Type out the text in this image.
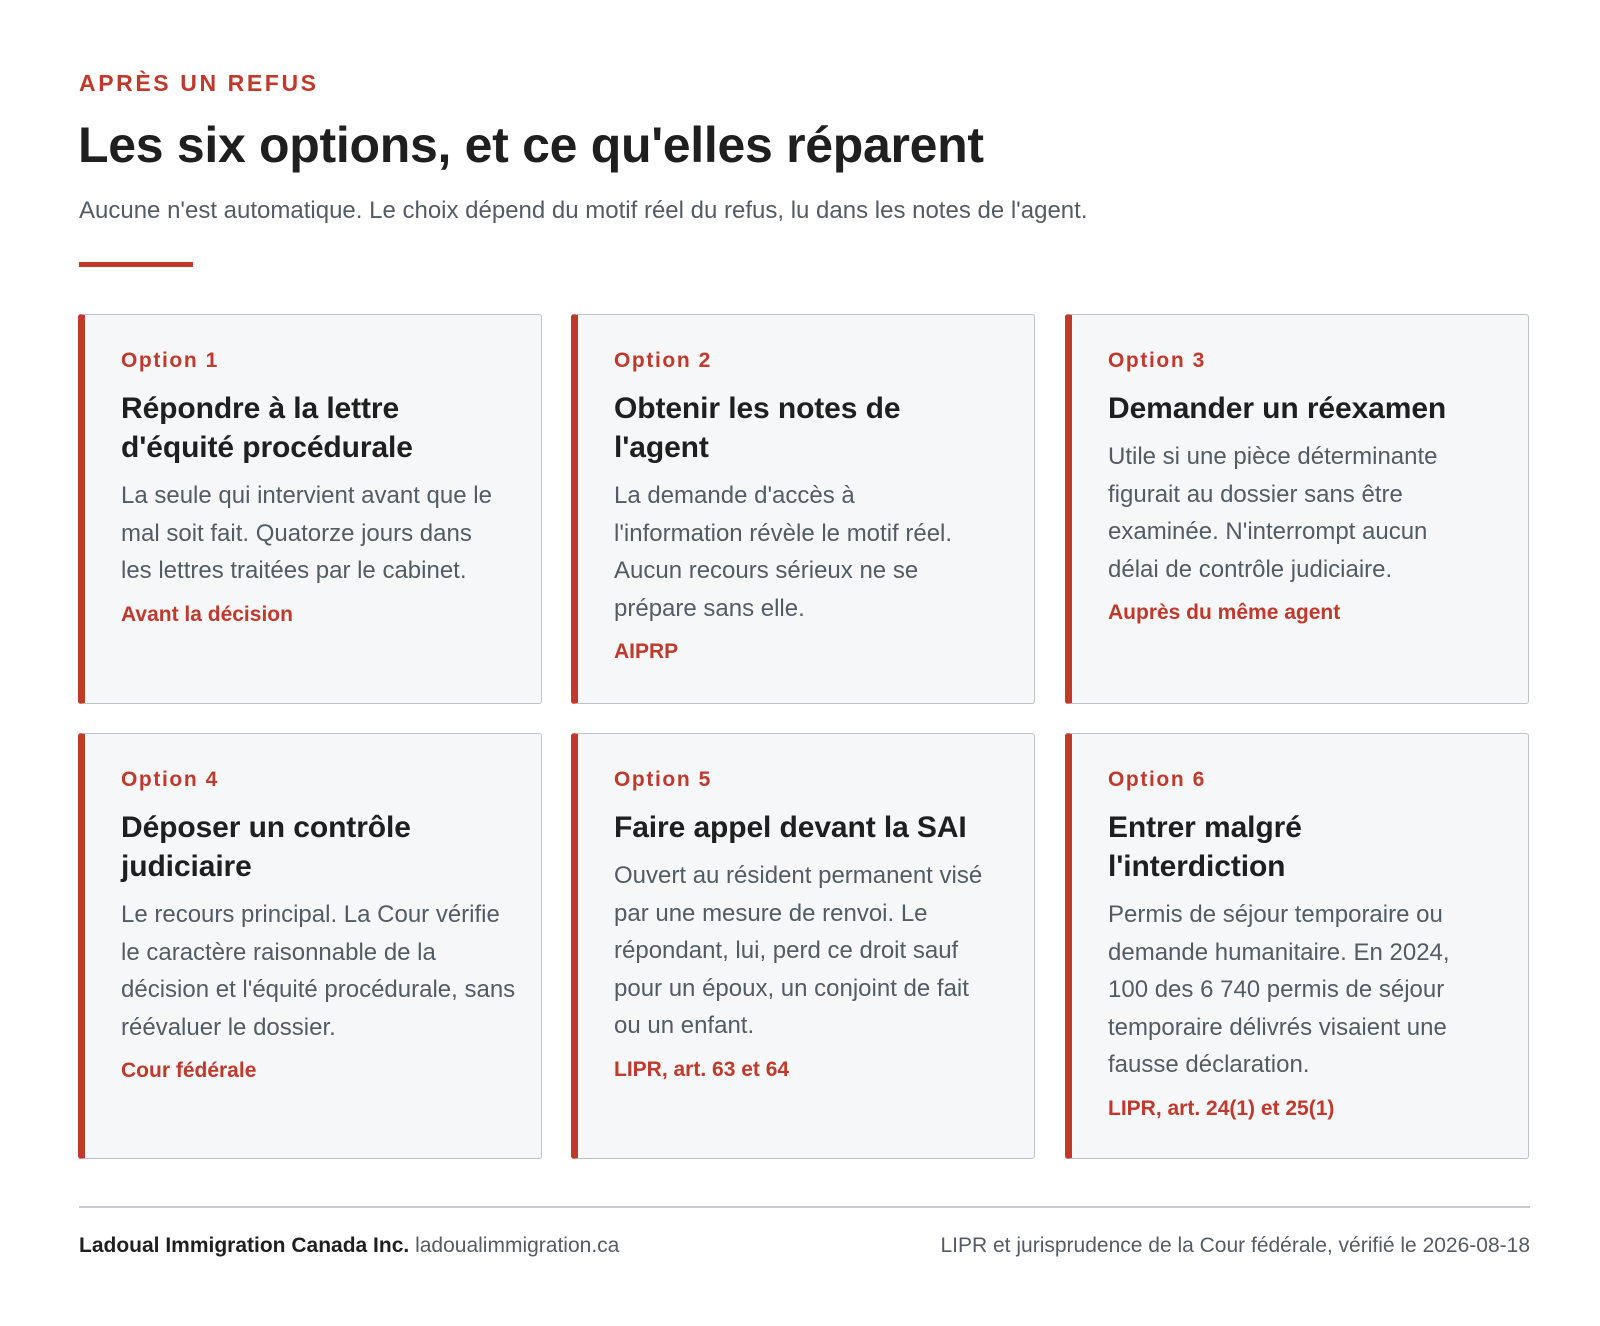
APRÈS UN REFUS
Les six options, et ce qu'elles réparent

Aucune n'est automatique. Le choix dépend du motif réel du refus, lu dans les notes de l'agent.

Option 1
Répondre à la lettre d'équité procédurale
La seule qui intervient avant que le mal soit fait. Quatorze jours dans les lettres traitées par le cabinet.
Avant la décision
Option 2
Obtenir les notes de l'agent
La demande d'accès à l'information révèle le motif réel. Aucun recours sérieux ne se prépare sans elle.
AIPRP
Option 3
Demander un réexamen
Utile si une pièce déterminante figurait au dossier sans être examinée. N'interrompt aucun délai de contrôle judiciaire.
Auprès du même agent
Option 4
Déposer un contrôle judiciaire
Le recours principal. La Cour vérifie le caractère raisonnable de la décision et l'équité procédurale, sans réévaluer le dossier.
Cour fédérale
Option 5
Faire appel devant la SAI
Ouvert au résident permanent visé par une mesure de renvoi. Le répondant, lui, perd ce droit sauf pour un époux, un conjoint de fait ou un enfant.
LIPR, art. 63 et 64
Option 6
Entrer malgré l'interdiction
Permis de séjour temporaire ou demande humanitaire. En 2024, 100 des 6 740 permis de séjour temporaire délivrés visaient une fausse déclaration.
LIPR, art. 24(1) et 25(1)
Ladoual Immigration Canada Inc. ladoualimmigration.ca	LIPR et jurisprudence de la Cour fédérale, vérifié le 2026-08-18
